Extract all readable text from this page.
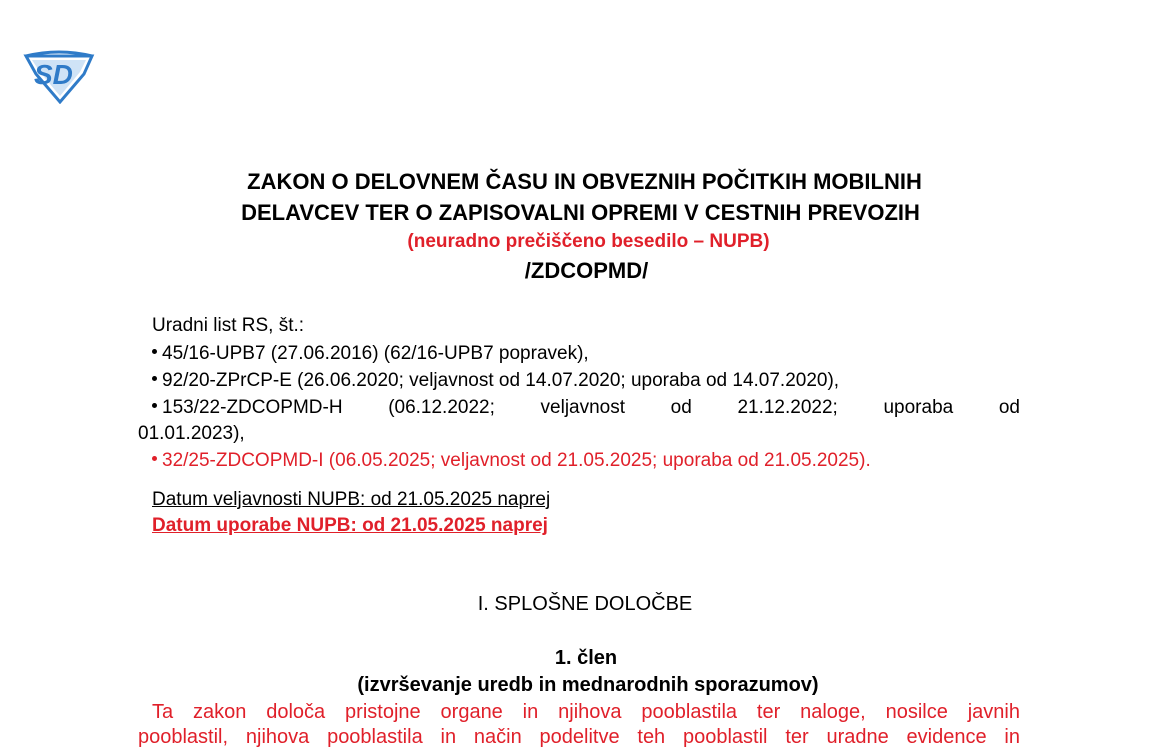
SD
ZAKON O DELOVNEM ČASU IN OBVEZNIH POČITKIH MOBILNIH
DELAVCEV TER O ZAPISOVALNI OPREMI V CESTNIH PREVOZIH
(neuradno prečiščeno besedilo – NUPB)
/ZDCOPMD/
Uradni list RS, št.:
45/16-UPB7 (27.06.2016) (62/16-UPB7 popravek),
92/20-ZPrCP-E (26.06.2020; veljavnost od 14.07.2020; uporaba od 14.07.2020),
153/22-ZDCOPMD-H (06.12.2022; veljavnost od 21.12.2022; uporaba od
01.01.2023),
32/25-ZDCOPMD-I (06.05.2025; veljavnost od 21.05.2025; uporaba od 21.05.2025).
Datum veljavnosti NUPB: od 21.05.2025 naprej
Datum uporabe NUPB: od 21.05.2025 naprej
I. SPLOŠNE DOLOČBE
1. člen
(izvrševanje uredb in mednarodnih sporazumov)
Ta zakon določa pristojne organe in njihova pooblastila ter naloge, nosilce javnih
pooblastil, njihova pooblastila in način podelitve teh pooblastil ter uradne evidence in
